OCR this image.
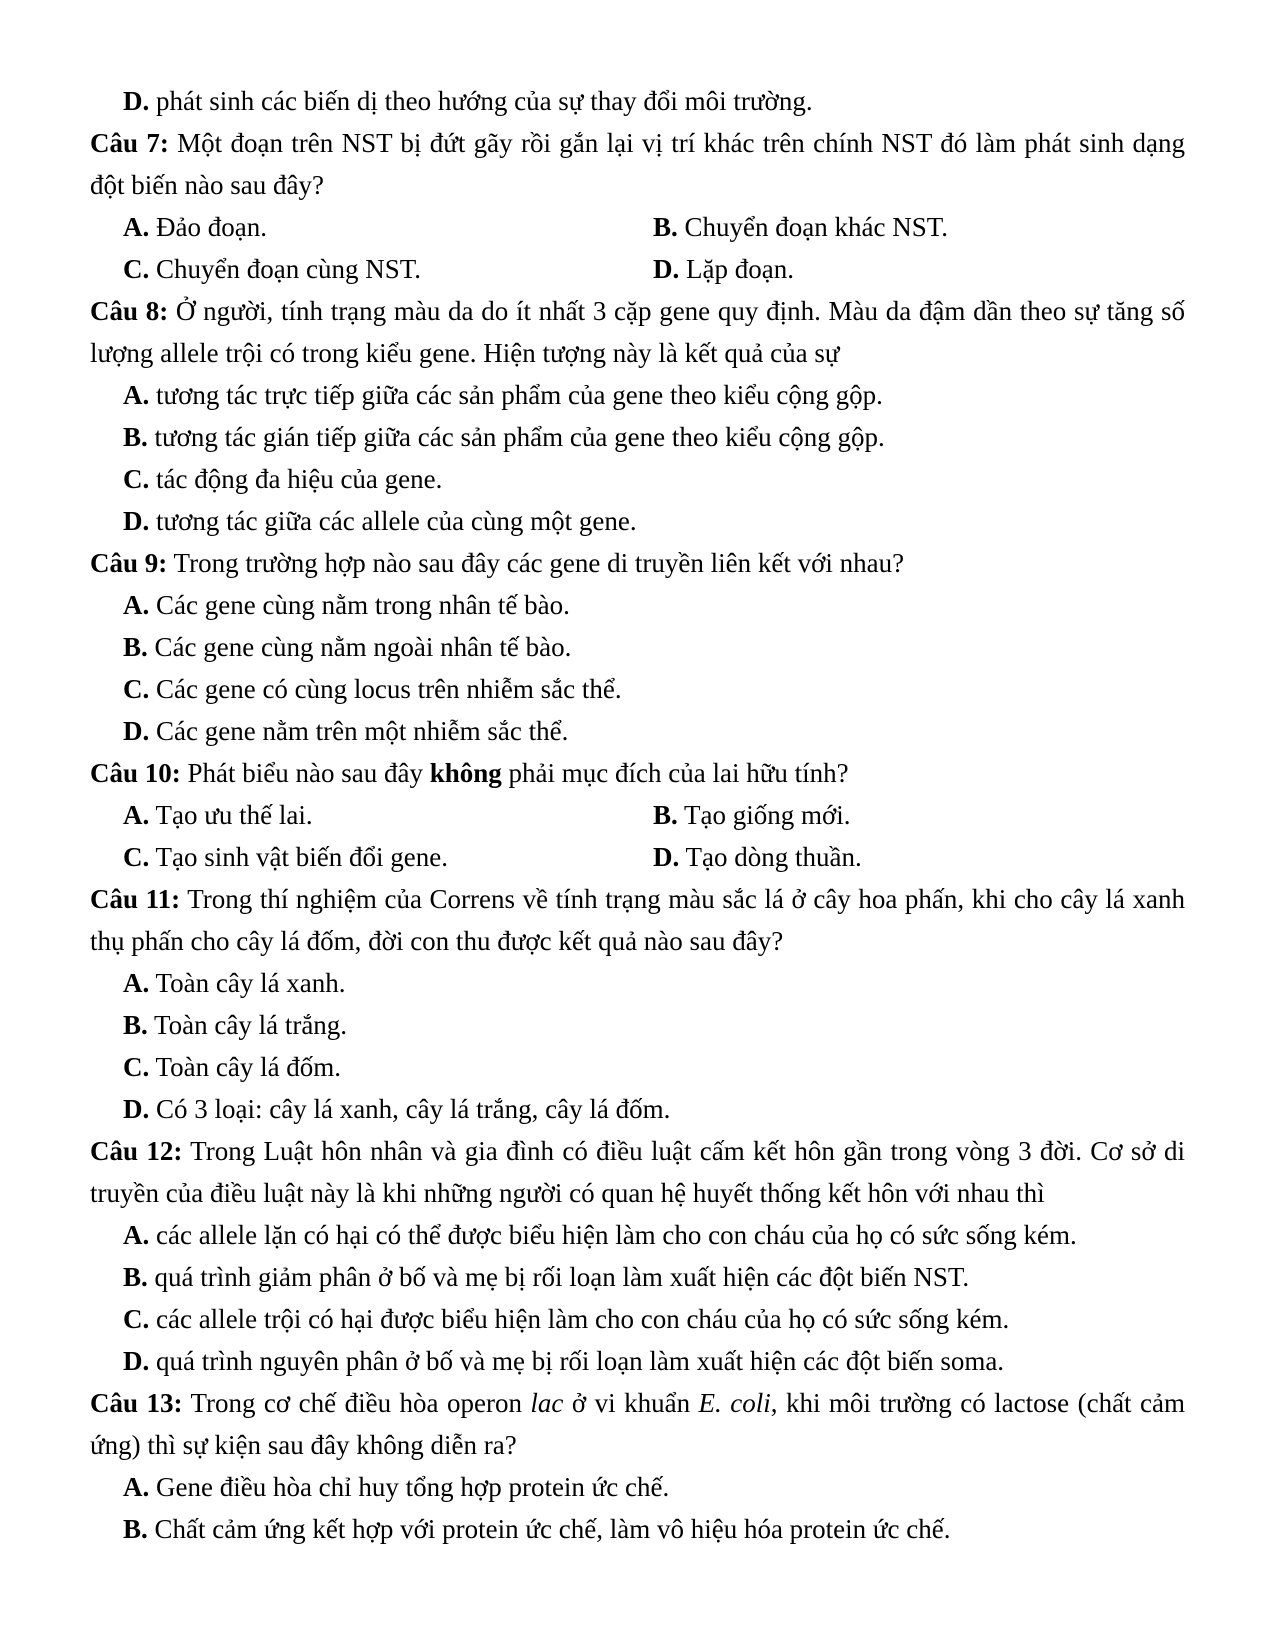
D. phát sinh các biến dị theo hướng của sự thay đổi môi trường.

Câu 7: Một đoạn trên NST bị đứt gãy rồi gắn lại vị trí khác trên chính NST đó làm phát sinh dạng đột biến nào sau đây?

A. Đảo đoạn.	B. Chuyển đoạn khác NST.

C. Chuyển đoạn cùng NST.	D. Lặp đoạn.

Câu 8: Ở người, tính trạng màu da do ít nhất 3 cặp gene quy định. Màu da đậm dần theo sự tăng số lượng allele trội có trong kiểu gene. Hiện tượng này là kết quả của sự

A. tương tác trực tiếp giữa các sản phẩm của gene theo kiểu cộng gộp.

B. tương tác gián tiếp giữa các sản phẩm của gene theo kiểu cộng gộp.

C. tác động đa hiệu của gene.

D. tương tác giữa các allele của cùng một gene.

Câu 9: Trong trường hợp nào sau đây các gene di truyền liên kết với nhau?

A. Các gene cùng nằm trong nhân tế bào.

B. Các gene cùng nằm ngoài nhân tế bào.

C. Các gene có cùng locus trên nhiễm sắc thể.

D. Các gene nằm trên một nhiễm sắc thể.

Câu 10: Phát biểu nào sau đây không phải mục đích của lai hữu tính?

A. Tạo ưu thế lai.	B. Tạo giống mới.

C. Tạo sinh vật biến đổi gene.	D. Tạo dòng thuần.

Câu 11: Trong thí nghiệm của Correns về tính trạng màu sắc lá ở cây hoa phấn, khi cho cây lá xanh thụ phấn cho cây lá đốm, đời con thu được kết quả nào sau đây?

A. Toàn cây lá xanh.

B. Toàn cây lá trắng.

C. Toàn cây lá đốm.

D. Có 3 loại: cây lá xanh, cây lá trắng, cây lá đốm.

Câu 12: Trong Luật hôn nhân và gia đình có điều luật cấm kết hôn gần trong vòng 3 đời. Cơ sở di truyền của điều luật này là khi những người có quan hệ huyết thống kết hôn với nhau thì

A. các allele lặn có hại có thể được biểu hiện làm cho con cháu của họ có sức sống kém.

B. quá trình giảm phân ở bố và mẹ bị rối loạn làm xuất hiện các đột biến NST.

C. các allele trội có hại được biểu hiện làm cho con cháu của họ có sức sống kém.

D. quá trình nguyên phân ở bố và mẹ bị rối loạn làm xuất hiện các đột biến soma.

Câu 13: Trong cơ chế điều hòa operon lac ở vi khuẩn E. coli, khi môi trường có lactose (chất cảm ứng) thì sự kiện sau đây không diễn ra?

A. Gene điều hòa chỉ huy tổng hợp protein ức chế.

B. Chất cảm ứng kết hợp với protein ức chế, làm vô hiệu hóa protein ức chế.
